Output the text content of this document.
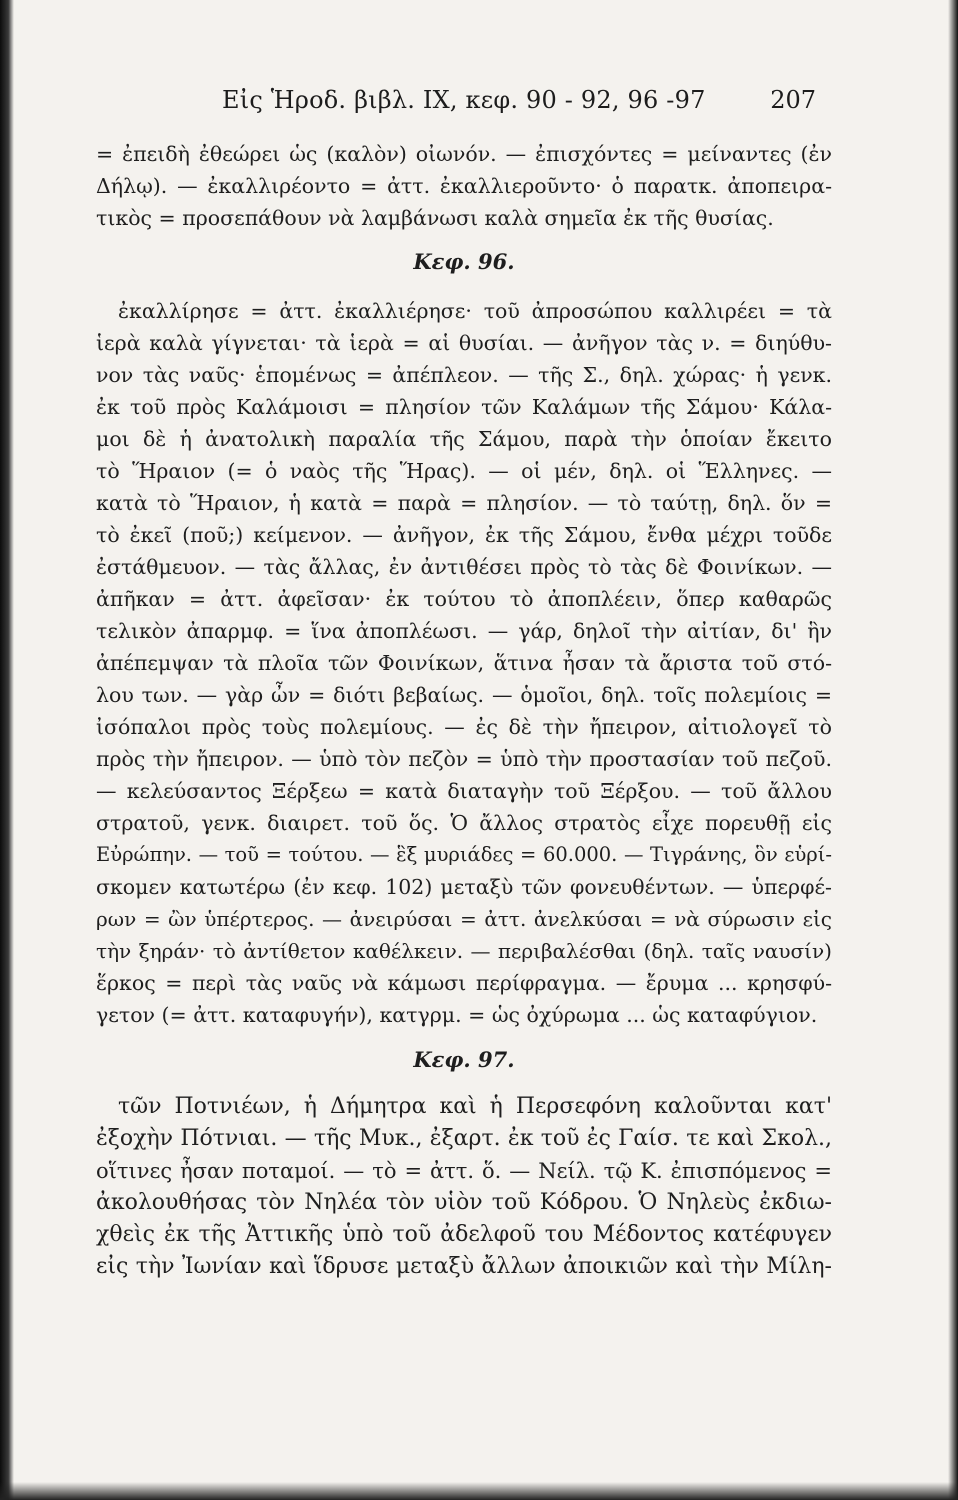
Εἰς Ἡροδ. βιβλ. IX, κεφ. 90 - 92, 96 -97	207
= ἐπειδὴ ἐθεώρει ὡς (καλὸν) οἰωνόν. — ἐπισχόντες = μείναντες (ἐν
Δήλῳ). — ἐκαλλιρέοντο = ἀττ. ἐκαλλιεροῦντο· ὁ παρατκ. ἀποπειρα-
τικὸς = προσεπάθουν νὰ λαμβάνωσι καλὰ σημεῖα ἐκ τῆς θυσίας.
Κεφ. 96.
ἐκαλλίρησε = ἀττ. ἐκαλλιέρησε· τοῦ ἀπροσώπου καλλιρέει = τὰ
ἱερὰ καλὰ γίγνεται· τὰ ἱερὰ = αἱ θυσίαι. — ἀνῆγον τὰς ν. = διηύθυ-
νον τὰς ναῦς· ἑπομένως = ἀπέπλεον. — τῆς Σ., δηλ. χώρας· ἡ γενκ.
ἐκ τοῦ πρὸς Καλάμοισι = πλησίον τῶν Καλάμων τῆς Σάμου· Κάλα-
μοι δὲ ἡ ἀνατολικὴ παραλία τῆς Σάμου, παρὰ τὴν ὁποίαν ἔκειτο
τὸ Ἥραιον (= ὁ ναὸς τῆς Ἥρας). — οἱ μέν, δηλ. οἱ Ἕλληνες. —
κατὰ τὸ Ἥραιον, ἡ κατὰ = παρὰ = πλησίον. — τὸ ταύτῃ, δηλ. ὅν =
τὸ ἐκεῖ (ποῦ;) κείμενον. — ἀνῆγον, ἐκ τῆς Σάμου, ἔνθα μέχρι τοῦδε
ἐστάθμευον. — τὰς ἄλλας, ἐν ἀντιθέσει πρὸς τὸ τὰς δὲ Φοινίκων. —
ἀπῆκαν = ἀττ. ἀφεῖσαν· ἐκ τούτου τὸ ἀποπλέειν, ὅπερ καθαρῶς
τελικὸν ἀπαρμφ. = ἵνα ἀποπλέωσι. — γάρ, δηλοῖ τὴν αἰτίαν, δι' ἣν
ἀπέπεμψαν τὰ πλοῖα τῶν Φοινίκων, ἅτινα ἦσαν τὰ ἄριστα τοῦ στό-
λου των. — γὰρ ὦν = διότι βεβαίως. — ὁμοῖοι, δηλ. τοῖς πολεμίοις =
ἰσόπαλοι πρὸς τοὺς πολεμίους. — ἐς δὲ τὴν ἤπειρον, αἰτιολογεῖ τὸ
πρὸς τὴν ἤπειρον. — ὑπὸ τὸν πεζὸν = ὑπὸ τὴν προστασίαν τοῦ πεζοῦ.
— κελεύσαντος Ξέρξεω = κατὰ διαταγὴν τοῦ Ξέρξου. — τοῦ ἄλλου
στρατοῦ, γενκ. διαιρετ. τοῦ ὅς. Ὁ ἄλλος στρατὸς εἶχε πορευθῇ εἰς
Εὐρώπην. — τοῦ = τούτου. — ἓξ μυριάδες = 60.000. — Τιγράνης, ὃν εὑρί-
σκομεν κατωτέρω (ἐν κεφ. 102) μεταξὺ τῶν φονευθέντων. — ὑπερφέ-
ρων = ὢν ὑπέρτερος. — ἀνειρύσαι = ἀττ. ἀνελκύσαι = νὰ σύρωσιν εἰς
τὴν ξηράν· τὸ ἀντίθετον καθέλκειν. — περιβαλέσθαι (δηλ. ταῖς ναυσίν)
ἕρκος = περὶ τὰς ναῦς νὰ κάμωσι περίφραγμα. — ἔρυμα ... κρησφύ-
γετον (= ἀττ. καταφυγήν), κατγρμ. = ὡς ὀχύρωμα ... ὡς καταφύγιον.
Κεφ. 97.
τῶν Ποτνιέων, ἡ Δήμητρα καὶ ἡ Περσεφόνη καλοῦνται κατ'
ἐξοχὴν Πότνιαι. — τῆς Μυκ., ἐξαρτ. ἐκ τοῦ ἐς Γαίσ. τε καὶ Σκολ.,
οἵτινες ἦσαν ποταμοί. — τὸ = ἀττ. ὅ. — Νείλ. τῷ Κ. ἐπισπόμενος =
ἀκολουθήσας τὸν Νηλέα τὸν υἱὸν τοῦ Κόδρου. Ὁ Νηλεὺς ἐκδιω-
χθεὶς ἐκ τῆς Ἀττικῆς ὑπὸ τοῦ ἀδελφοῦ του Μέδοντος κατέφυγεν
εἰς τὴν Ἰωνίαν καὶ ἵδρυσε μεταξὺ ἄλλων ἀποικιῶν καὶ τὴν Μίλη-
